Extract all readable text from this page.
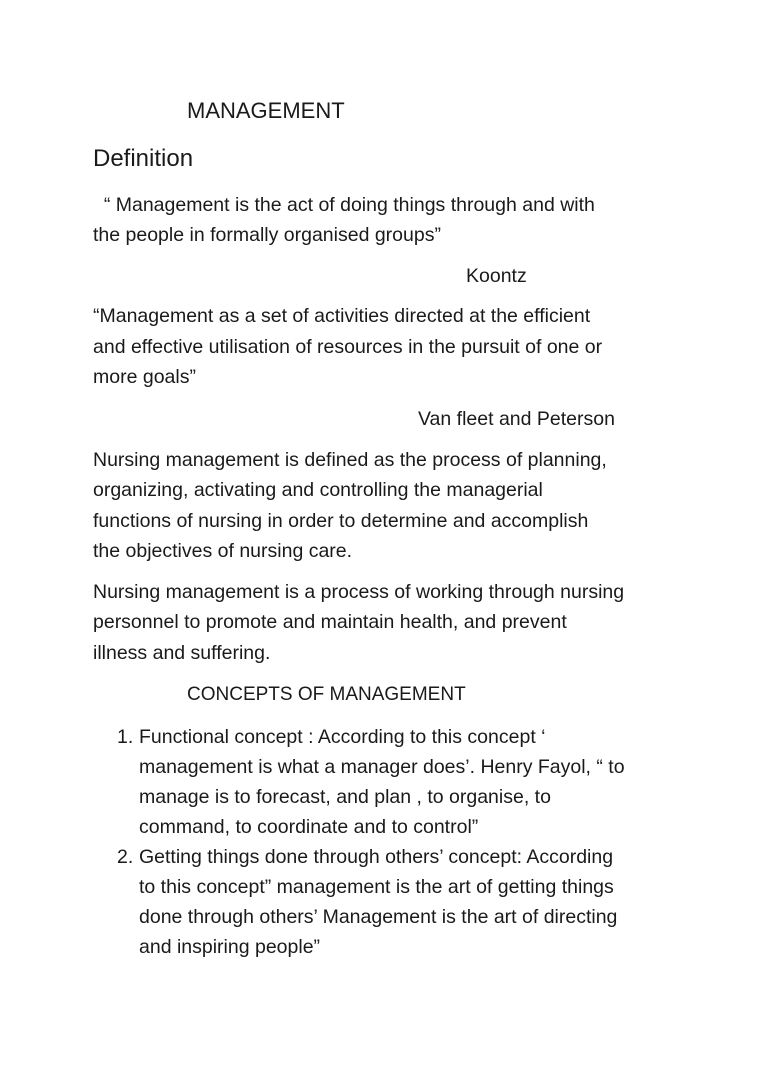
MANAGEMENT
Definition
“ Management is the act of doing things through and with
the people in formally organised groups”
Koontz
“Management as a set of activities directed at the efficient
and effective utilisation of resources in the pursuit of one or
more goals”
Van fleet and Peterson
Nursing management is defined as the process of planning,
organizing, activating and controlling the managerial
functions of nursing in order to determine and accomplish
the objectives of nursing care.
Nursing management is a process of working through nursing
personnel to promote and maintain health, and prevent
illness and suffering.
CONCEPTS OF MANAGEMENT
1. Functional concept : According to this concept ‘
management is what a manager does’. Henry Fayol, “ to
manage is to forecast, and plan , to organise, to
command, to coordinate and to control”
2. Getting things done through others’ concept: According
to this concept” management is the art of getting things
done through others’ Management is the art of directing
and inspiring people”
